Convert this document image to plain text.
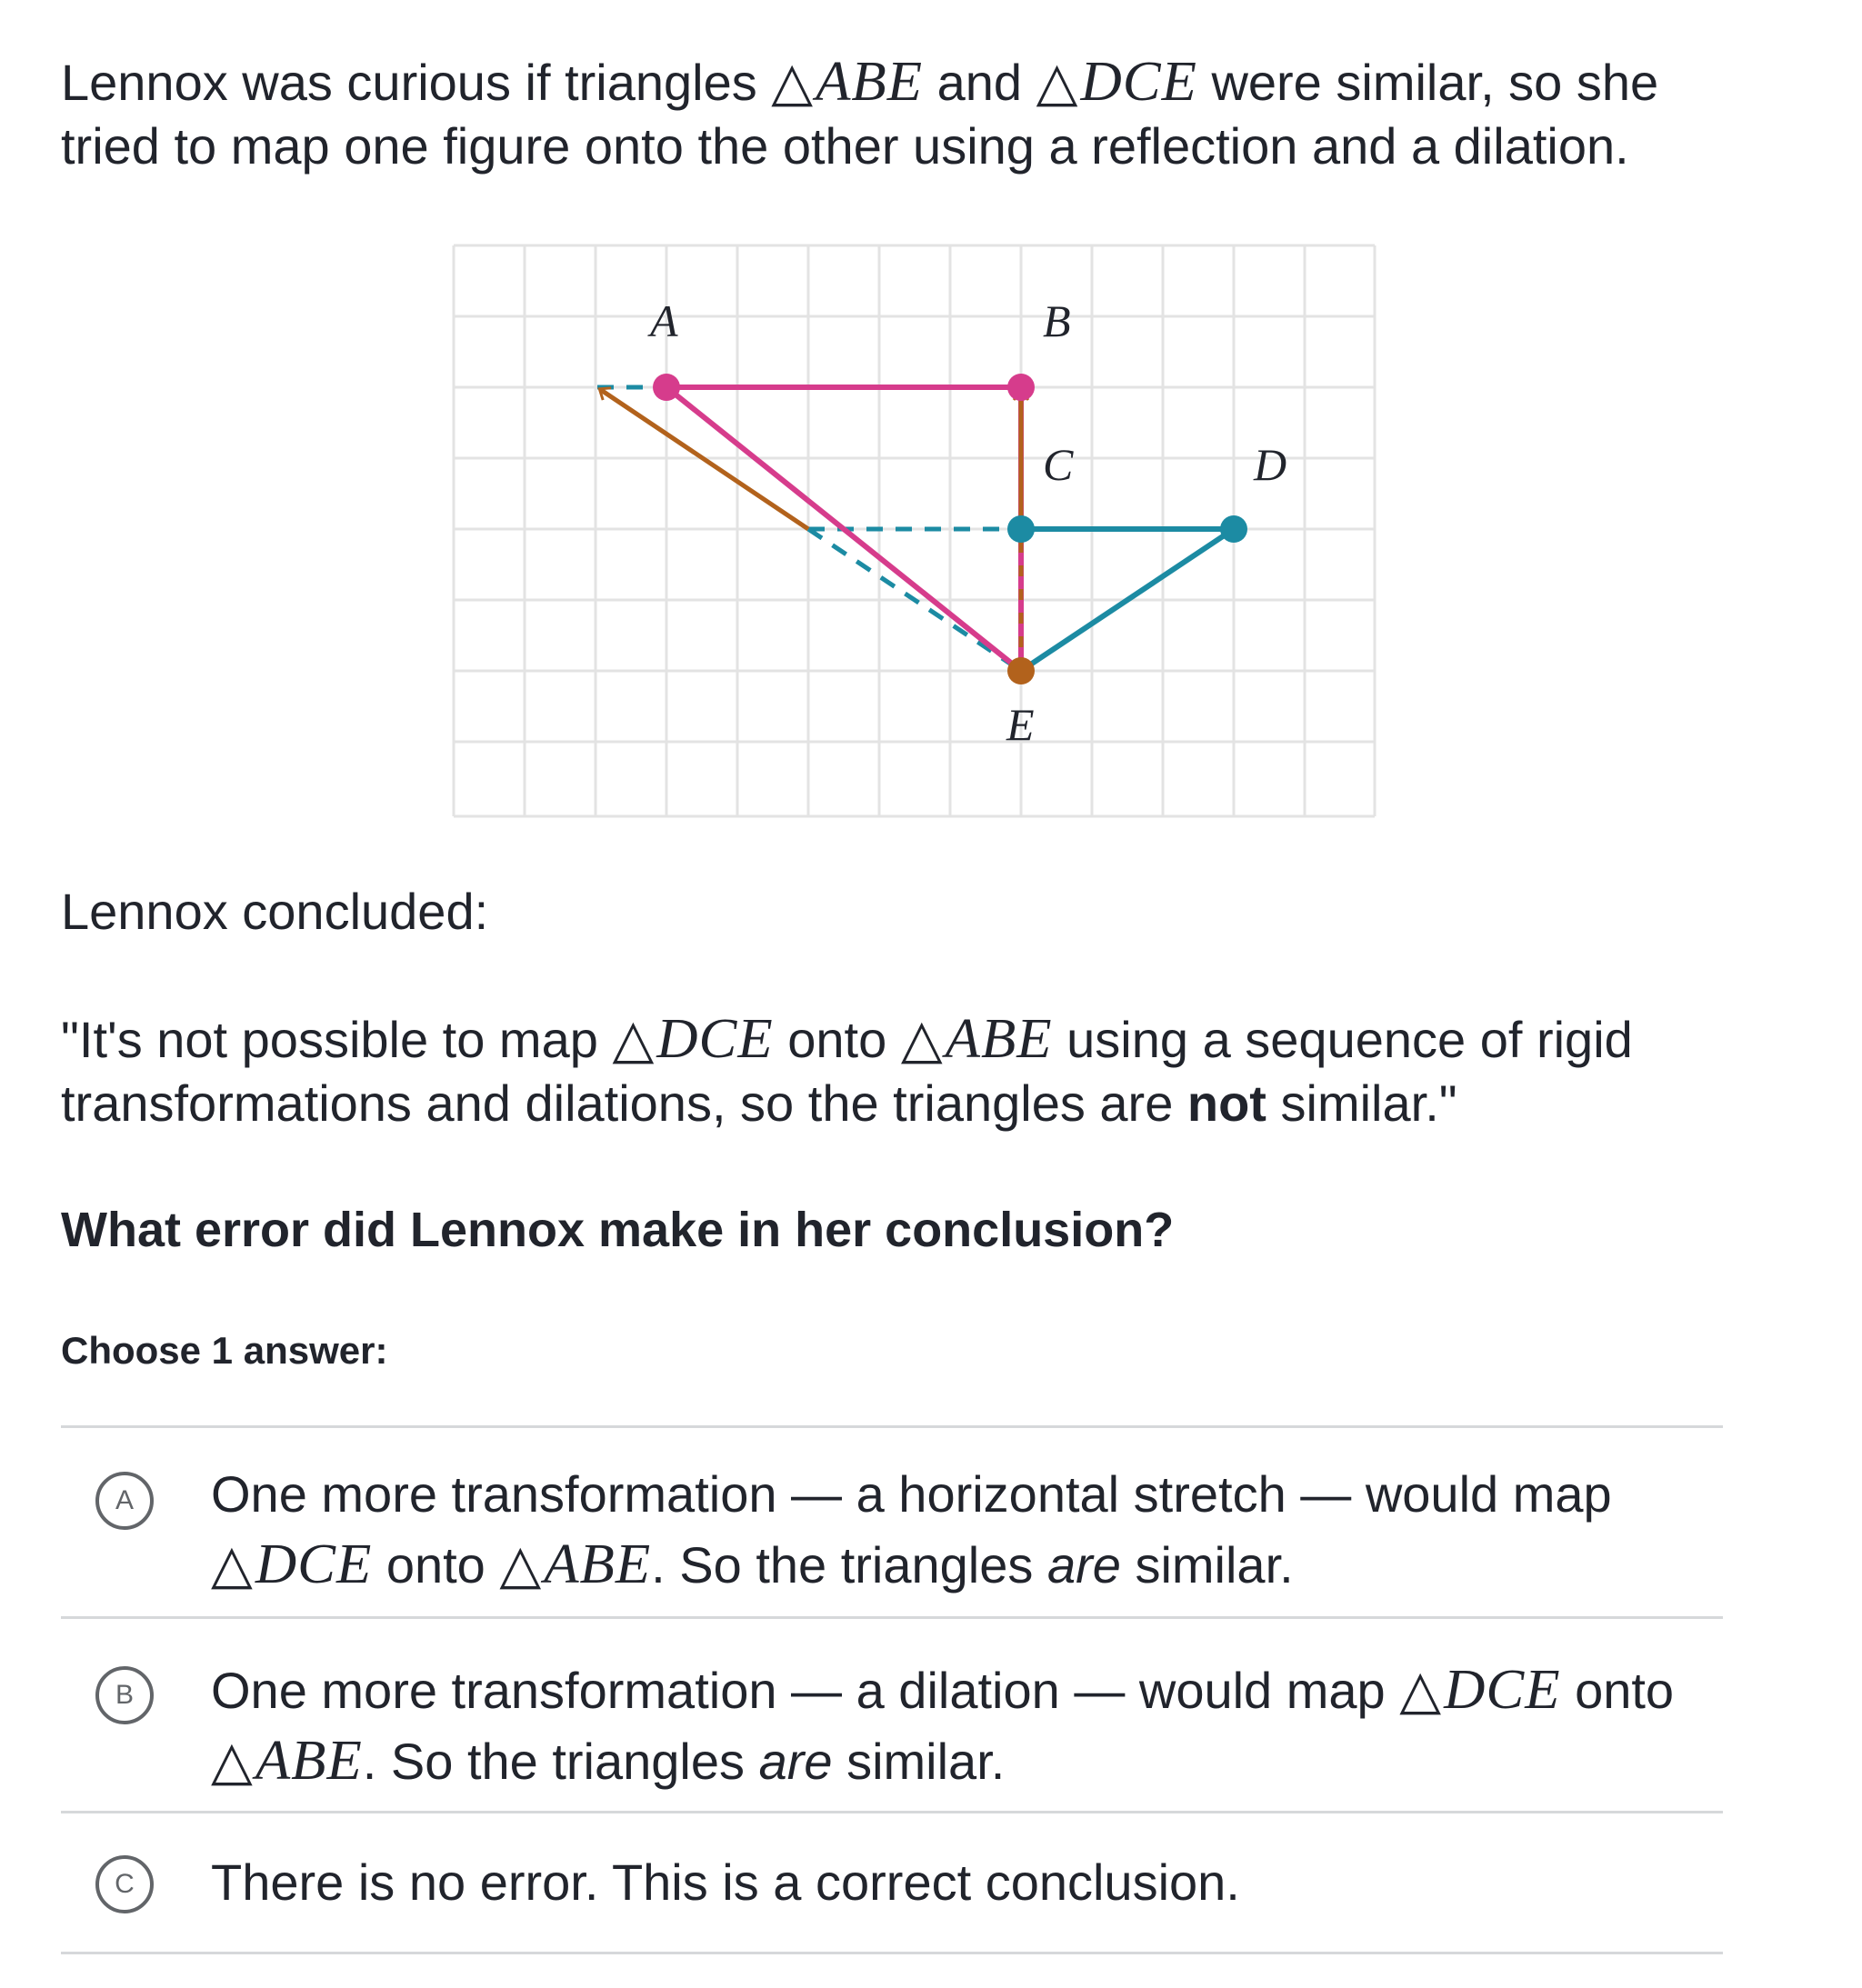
Lennox was curious if triangles △ABE and △DCE were similar, so she tried to map one figure onto the other using a reflection and a dilation.
A	B
C	D
E
Lennox concluded:
"It's not possible to map △DCE onto △ABE using a sequence of rigid transformations and dilations, so the triangles are not similar."
What error did Lennox make in her conclusion?
Choose 1 answer:
A	One more transformation — a horizontal stretch — would map △DCE onto △ABE. So the triangles are similar.
B	One more transformation — a dilation — would map △DCE onto △ABE. So the triangles are similar.
C	There is no error. This is a correct conclusion.
